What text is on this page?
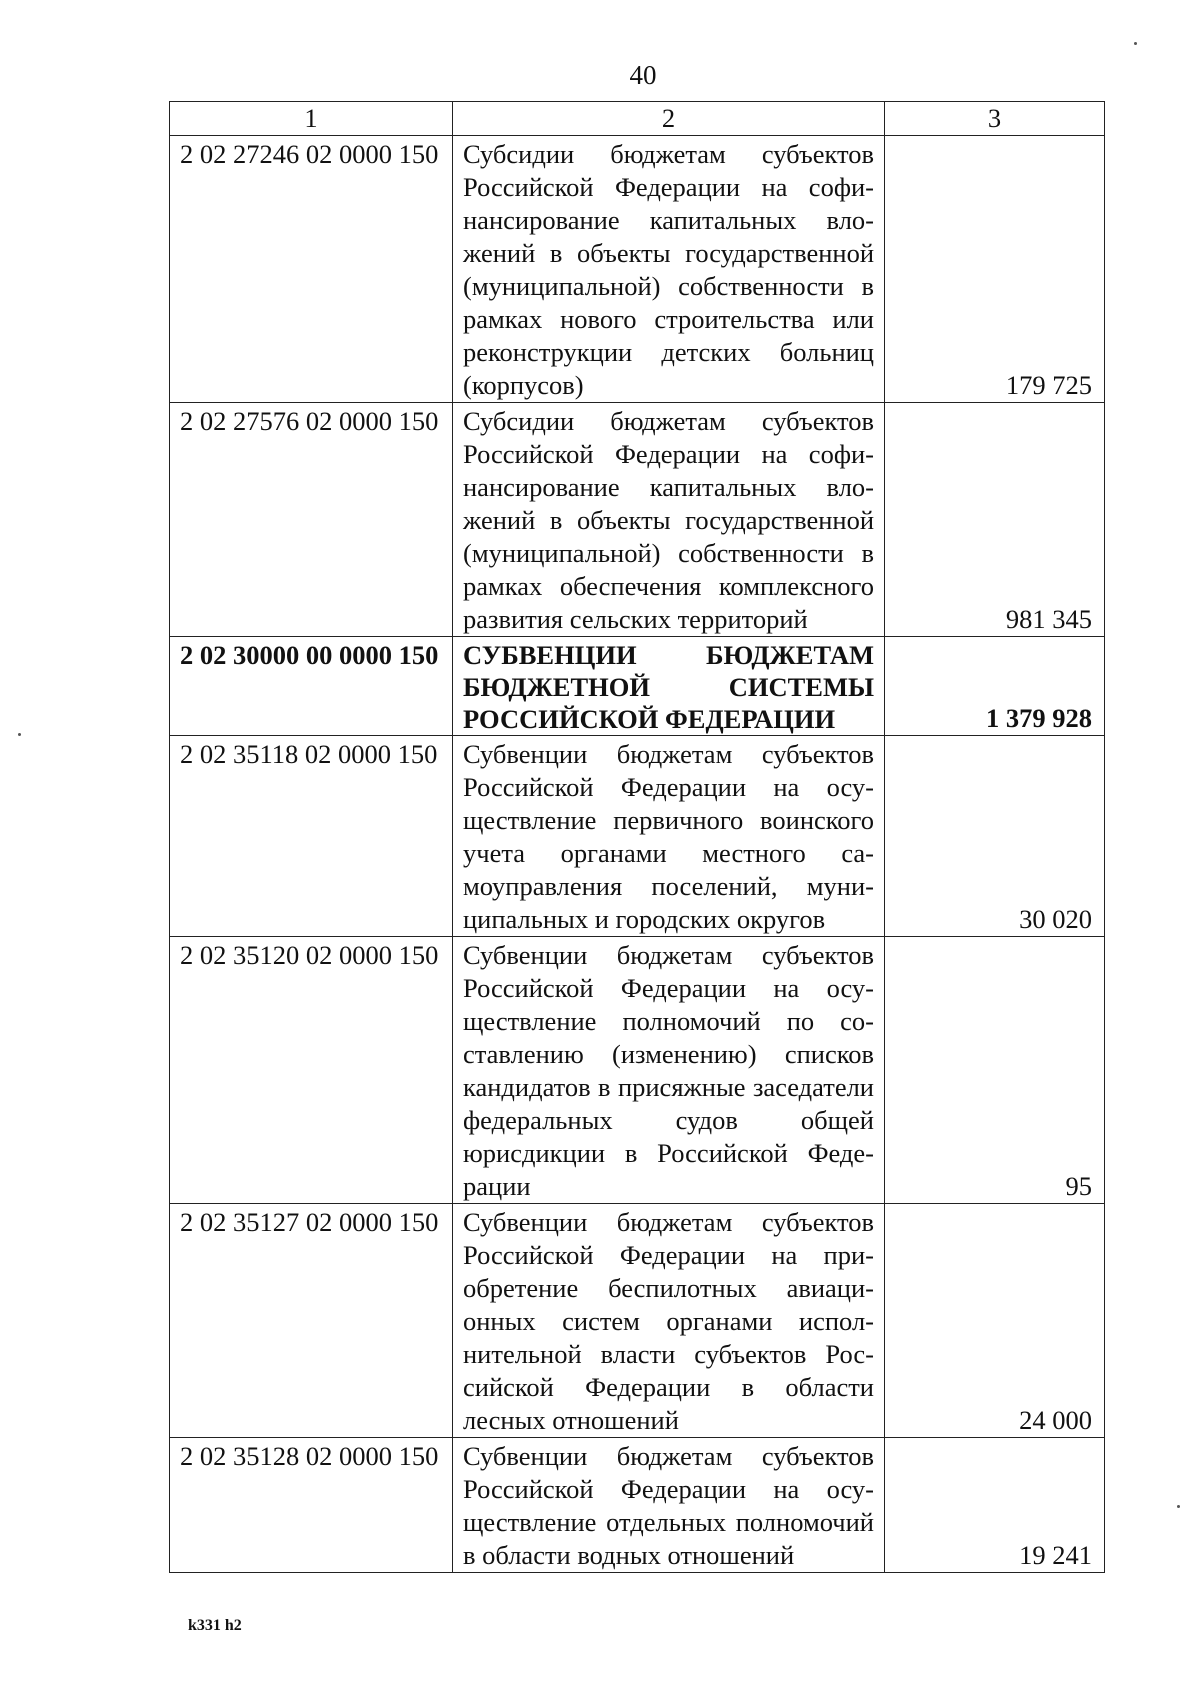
40
1	2	3
2 02 27246 02 0000 150	Субсидии бюджетам субъектов Российской Федерации на софинансирование капитальных вложений в объекты государственной (муниципальной) собственности в рамках нового строительства или реконструкции детских больниц (корпусов)	179 725
2 02 27576 02 0000 150	Субсидии бюджетам субъектов Российской Федерации на софинансирование капитальных вложений в объекты государственной (муниципальной) собственности в рамках обеспечения комплексного развития сельских территорий	981 345
2 02 30000 00 0000 150	СУБВЕНЦИИ БЮДЖЕТАМ БЮДЖЕТНОЙ СИСТЕМЫ РОССИЙСКОЙ ФЕДЕРАЦИИ	1 379 928
2 02 35118 02 0000 150	Субвенции бюджетам субъектов Российской Федерации на осуществление первичного воинского учета органами местного самоуправления поселений, муниципальных и городских округов	30 020
2 02 35120 02 0000 150	Субвенции бюджетам субъектов Российской Федерации на осуществление полномочий по составлению (изменению) списков кандидатов в присяжные заседатели федеральных судов общей юрисдикции в Российской Федерации	95
2 02 35127 02 0000 150	Субвенции бюджетам субъектов Российской Федерации на приобретение беспилотных авиационных систем органами исполнительной власти субъектов Российской Федерации в области лесных отношений	24 000
2 02 35128 02 0000 150	Субвенции бюджетам субъектов Российской Федерации на осуществление отдельных полномочий в области водных отношений	19 241
k331 h2
